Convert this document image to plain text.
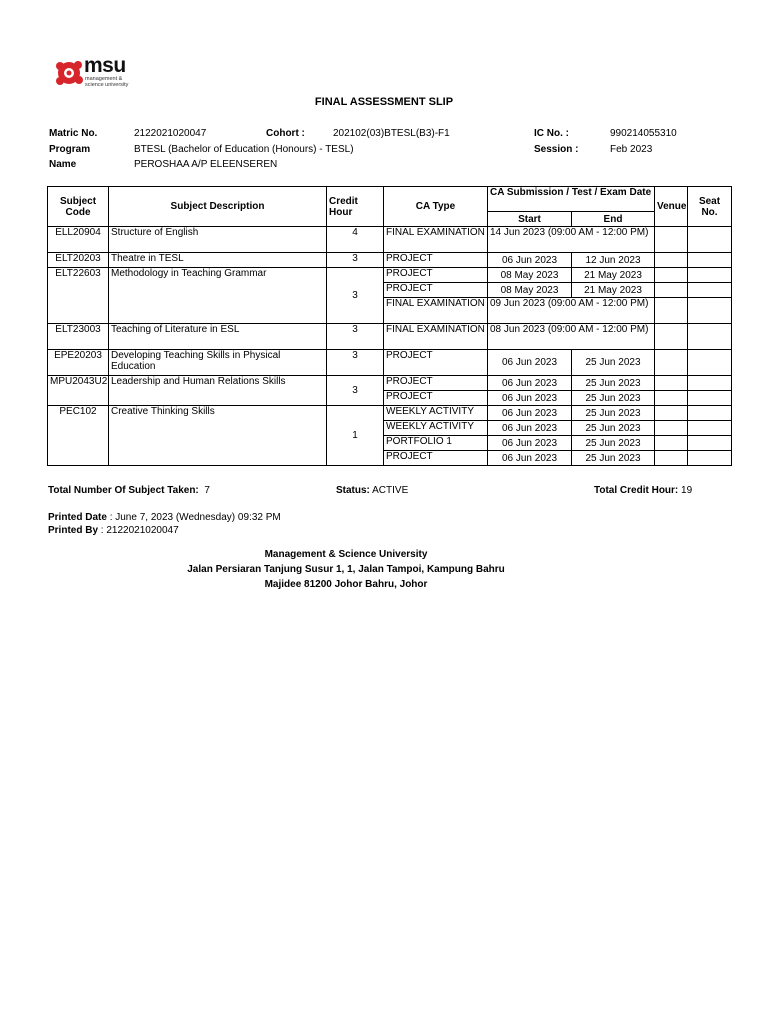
msu
management & science university
FINAL ASSESSMENT SLIP
Matric No.	2122021020047	Cohort :	202102(03)BTESL(B3)-F1	IC No. :	990214055310
Program	BTESL (Bachelor of Education (Honours) - TESL)	Session :	Feb 2023
Name	PEROSHAA A/P ELEENSEREN
Subject Code	Subject Description	Credit Hour	CA Type	CA Submission / Test / Exam Date		Venue	Seat No.
				Start	End		
ELL20904	Structure of English	4	FINAL EXAMINATION	14 Jun 2023 (09:00 AM - 12:00 PM)			
ELT20203	Theatre in TESL	3	PROJECT	06 Jun 2023	12 Jun 2023		
ELT22603	Methodology in Teaching Grammar	3	PROJECT	08 May 2023	21 May 2023		
			PROJECT	08 May 2023	21 May 2023		
			FINAL EXAMINATION	09 Jun 2023 (09:00 AM - 12:00 PM)			
ELT23003	Teaching of Literature in ESL	3	FINAL EXAMINATION	08 Jun 2023 (09:00 AM - 12:00 PM)			
EPE20203	Developing Teaching Skills in Physical Education	3	PROJECT	06 Jun 2023	25 Jun 2023		
MPU2043U2	Leadership and Human Relations Skills	3	PROJECT	06 Jun 2023	25 Jun 2023		
			PROJECT	06 Jun 2023	25 Jun 2023		
PEC102	Creative Thinking Skills	1	WEEKLY ACTIVITY	06 Jun 2023	25 Jun 2023		
			WEEKLY ACTIVITY	06 Jun 2023	25 Jun 2023		
			PORTFOLIO 1	06 Jun 2023	25 Jun 2023		
			PROJECT	06 Jun 2023	25 Jun 2023		
Total Number Of Subject Taken: 7	Status: ACTIVE	Total Credit Hour: 19
Printed Date : June 7, 2023 (Wednesday) 09:32 PM
Printed By : 2122021020047
Management & Science University
Jalan Persiaran Tanjung Susur 1, 1, Jalan Tampoi, Kampung Bahru
Majidee 81200 Johor Bahru, Johor
